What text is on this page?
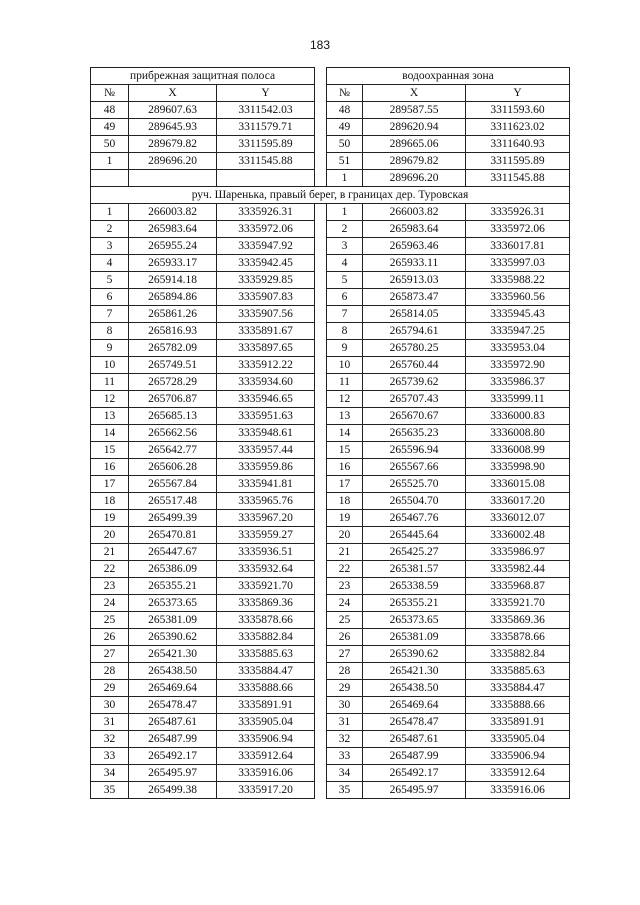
183
прибрежная защитная полоса				водоохранная зона		
№	X	Y		№	X	Y
48	289607.63	3311542.03		48	289587.55	3311593.60
49	289645.93	3311579.71		49	289620.94	3311623.02
50	289679.82	3311595.89		50	289665.06	3311640.93
1	289696.20	3311545.88		51	289679.82	3311595.89
				1	289696.20	3311545.88
руч. Шаренька, правый берег, в границах дер. Туровская						
1	266003.82	3335926.31		1	266003.82	3335926.31
2	265983.64	3335972.06		2	265983.64	3335972.06
3	265955.24	3335947.92		3	265963.46	3336017.81
4	265933.17	3335942.45		4	265933.11	3335997.03
5	265914.18	3335929.85		5	265913.03	3335988.22
6	265894.86	3335907.83		6	265873.47	3335960.56
7	265861.26	3335907.56		7	265814.05	3335945.43
8	265816.93	3335891.67		8	265794.61	3335947.25
9	265782.09	3335897.65		9	265780.25	3335953.04
10	265749.51	3335912.22		10	265760.44	3335972.90
11	265728.29	3335934.60		11	265739.62	3335986.37
12	265706.87	3335946.65		12	265707.43	3335999.11
13	265685.13	3335951.63		13	265670.67	3336000.83
14	265662.56	3335948.61		14	265635.23	3336008.80
15	265642.77	3335957.44		15	265596.94	3336008.99
16	265606.28	3335959.86		16	265567.66	3335998.90
17	265567.84	3335941.81		17	265525.70	3336015.08
18	265517.48	3335965.76		18	265504.70	3336017.20
19	265499.39	3335967.20		19	265467.76	3336012.07
20	265470.81	3335959.27		20	265445.64	3336002.48
21	265447.67	3335936.51		21	265425.27	3335986.97
22	265386.09	3335932.64		22	265381.57	3335982.44
23	265355.21	3335921.70		23	265338.59	3335968.87
24	265373.65	3335869.36		24	265355.21	3335921.70
25	265381.09	3335878.66		25	265373.65	3335869.36
26	265390.62	3335882.84		26	265381.09	3335878.66
27	265421.30	3335885.63		27	265390.62	3335882.84
28	265438.50	3335884.47		28	265421.30	3335885.63
29	265469.64	3335888.66		29	265438.50	3335884.47
30	265478.47	3335891.91		30	265469.64	3335888.66
31	265487.61	3335905.04		31	265478.47	3335891.91
32	265487.99	3335906.94		32	265487.61	3335905.04
33	265492.17	3335912.64		33	265487.99	3335906.94
34	265495.97	3335916.06		34	265492.17	3335912.64
35	265499.38	3335917.20		35	265495.97	3335916.06
